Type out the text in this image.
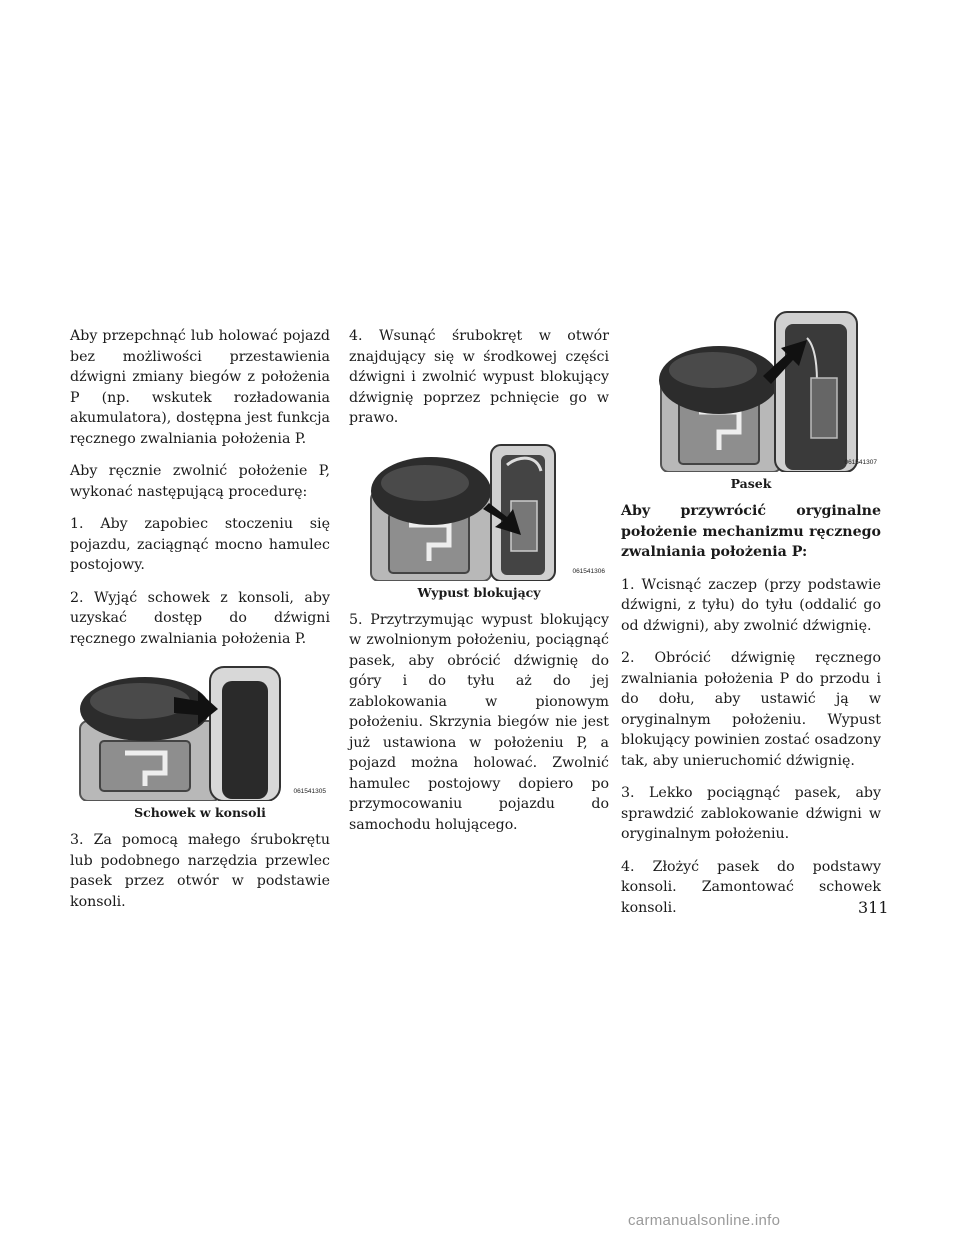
Aby przepchnąć lub holować pojazd bez możliwości przestawienia dźwigni zmiany biegów z położenia P (np. wskutek rozładowania akumulatora), dostępna jest funkcja ręcznego zwalniania położenia P.

Aby ręcznie zwolnić położenie P, wykonać następującą procedurę:

1. Aby zapobiec stoczeniu się pojazdu, zaciągnąć mocno hamulec postojowy.

2. Wyjąć schowek z konsoli, aby uzyskać dostęp do dźwigni ręcznego zwalniania położenia P.

061541305
Schowek w konsoli

3. Za pomocą małego śrubokrętu lub podobnego narzędzia przewlec pasek przez otwór w podstawie konsoli.

4. Wsunąć śrubokręt w otwór znajdujący się w środkowej części dźwigni i zwolnić wypust blokujący dźwignię poprzez pchnięcie go w prawo.

061541306
Wypust blokujący

5. Przytrzymując wypust blokujący w zwolnionym położeniu, pociągnąć pasek, aby obrócić dźwignię do góry i do tyłu aż do jej zablokowania w pionowym położeniu. Skrzynia biegów nie jest już ustawiona w położeniu P, a pojazd można holować. Zwolnić hamulec postojowy dopiero po przymocowaniu pojazdu do samochodu holującego.

061541307
Pasek

Aby przywrócić oryginalne położenie mechanizmu ręcznego zwalniania położenia P:

1. Wcisnąć zaczep (przy podstawie dźwigni, z tyłu) do tyłu (oddalić go od dźwigni), aby zwolnić dźwignię.

2. Obrócić dźwignię ręcznego zwalniania położenia P do przodu i do dołu, aby ustawić ją w oryginalnym położeniu. Wypust blokujący powinien zostać osadzony tak, aby unieruchomić dźwignię.

3. Lekko pociągnąć pasek, aby sprawdzić zablokowanie dźwigni w oryginalnym położeniu.

4. Złożyć pasek do podstawy konsoli. Zamontować schowek konsoli.	311
carmanualsonline.info
